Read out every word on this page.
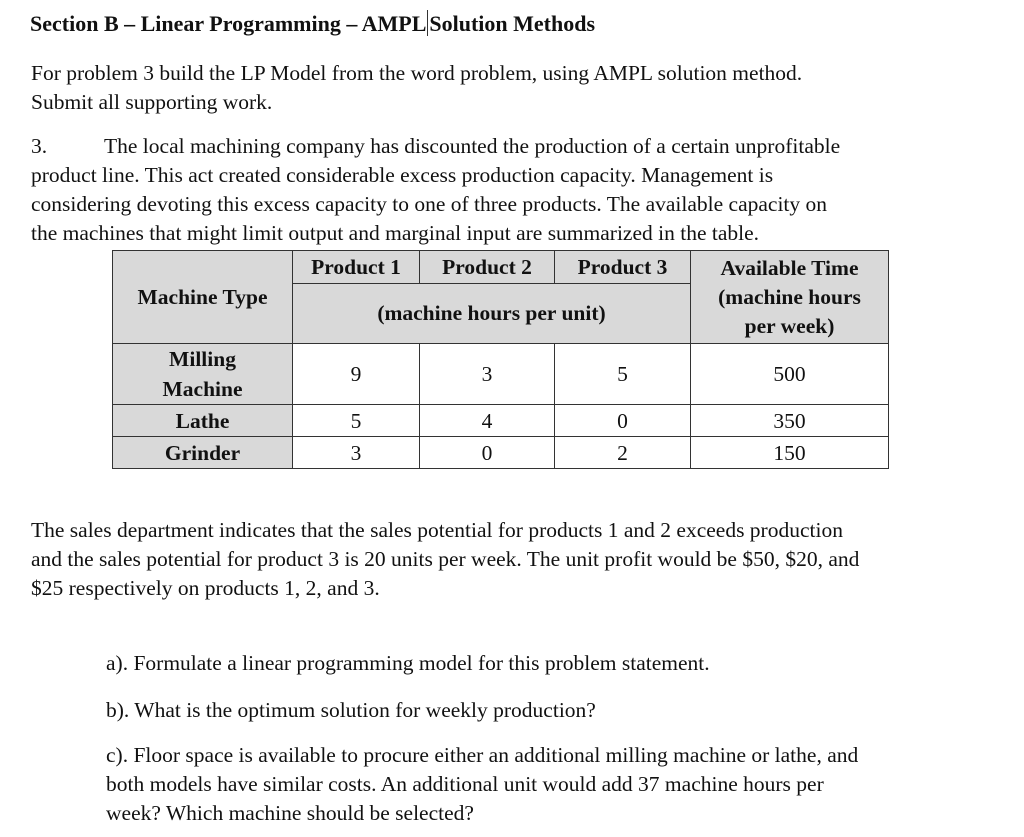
Section B – Linear Programming – AMPL Solution Methods

For problem 3 build the LP Model from the word problem, using AMPL solution method.
Submit all supporting work.

3.	The local machining company has discounted the production of a certain unprofitable
product line. This act created considerable excess production capacity. Management is
considering devoting this excess capacity to one of three products. The available capacity on
the machines that might limit output and marginal input are summarized in the table.

Machine Type	Product 1	Product 2	Product 3	Available Time
(machine hours
per week)

	(machine hours per unit)			

Milling
Machine	9	3	5	500
Lathe	5	4	0	350
Grinder	3	0	2	150

The sales department indicates that the sales potential for products 1 and 2 exceeds production
and the sales potential for product 3 is 20 units per week. The unit profit would be $50, $20, and
$25 respectively on products 1, 2, and 3.

a). Formulate a linear programming model for this problem statement.
b). What is the optimum solution for weekly production?
c). Floor space is available to procure either an additional milling machine or lathe, and
both models have similar costs. An additional unit would add 37 machine hours per
week? Which machine should be selected?
